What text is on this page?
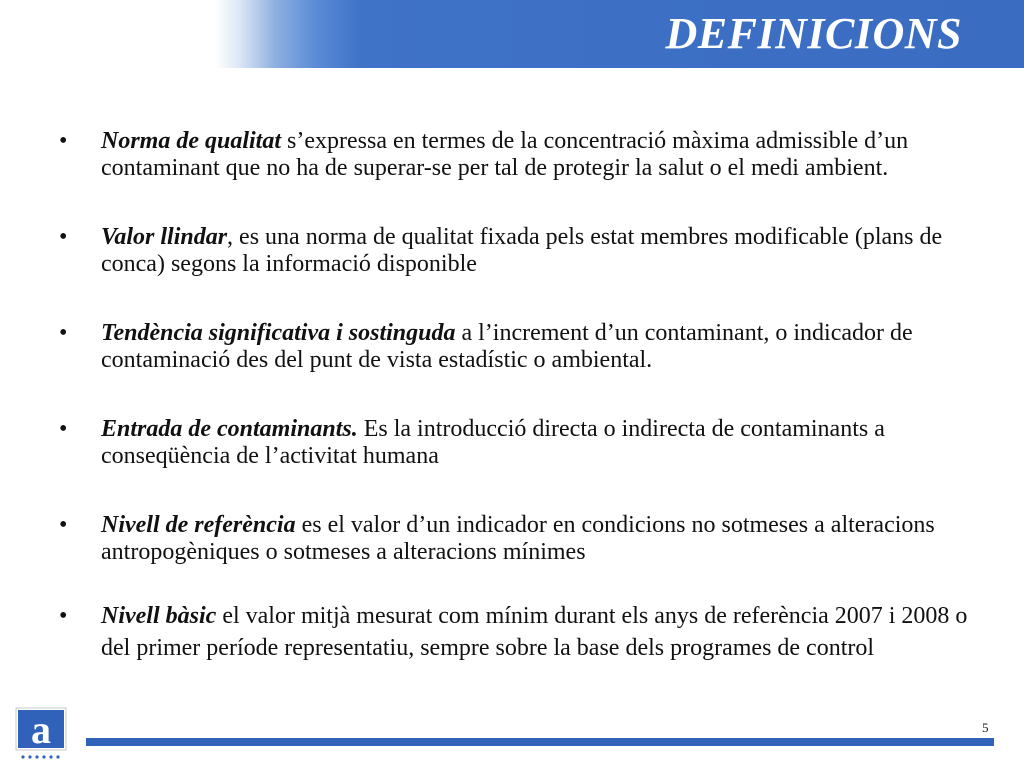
DEFINICIONS
• Norma de qualitat s’expressa en termes de la concentració màxima admissible d’un contaminant que no ha de superar-se per tal de protegir la salut o el medi ambient.
• Valor llindar, es una norma de qualitat fixada pels estat membres modificable (plans de conca) segons la informació disponible
• Tendència significativa i sostinguda a l’increment d’un contaminant, o indicador de contaminació des del punt de vista estadístic o ambiental.
• Entrada de contaminants. Es la introducció directa o indirecta de contaminants a conseqüència de l’activitat humana
• Nivell de referència es el valor d’un indicador en condicions no sotmeses a alteracions antropogèniques o sotmeses a alteracions mínimes
• Nivell bàsic el valor mitjà mesurat com mínim durant els anys de referència 2007 i 2008 o del primer període representatiu, sempre sobre la base dels programes de control
a	5
